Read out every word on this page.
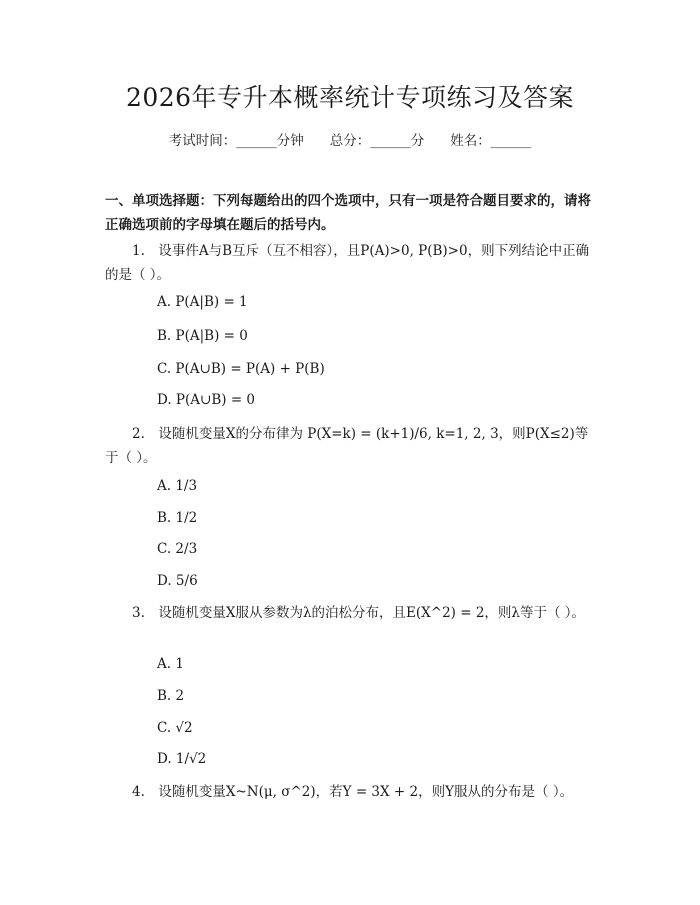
2026年专升本概率统计专项练习及答案
考试时间：______分钟 总分：______分 姓名：______
一、单项选择题：下列每题给出的四个选项中，只有一项是符合题目要求的，请将正确选项前的字母填在题后的括号内。
1.　设事件A与B互斥（互不相容），且P(A)>0, P(B)>0，则下列结论中正确的是（ ）。
A. P(A|B) = 1
B. P(A|B) = 0
C. P(A∪B) = P(A) + P(B)
D. P(A∪B) = 0
2.　设随机变量X的分布律为 P(X=k) = (k+1)/6, k=1, 2, 3，则P(X≤2)等于（ ）。
A. 1/3
B. 1/2
C. 2/3
D. 5/6
3.　设随机变量X服从参数为λ的泊松分布，且E(X^2) = 2，则λ等于（ ）。
A. 1
B. 2
C. √2
D. 1/√2
4.　设随机变量X~N(μ, σ^2)，若Y = 3X + 2，则Y服从的分布是（ ）。
